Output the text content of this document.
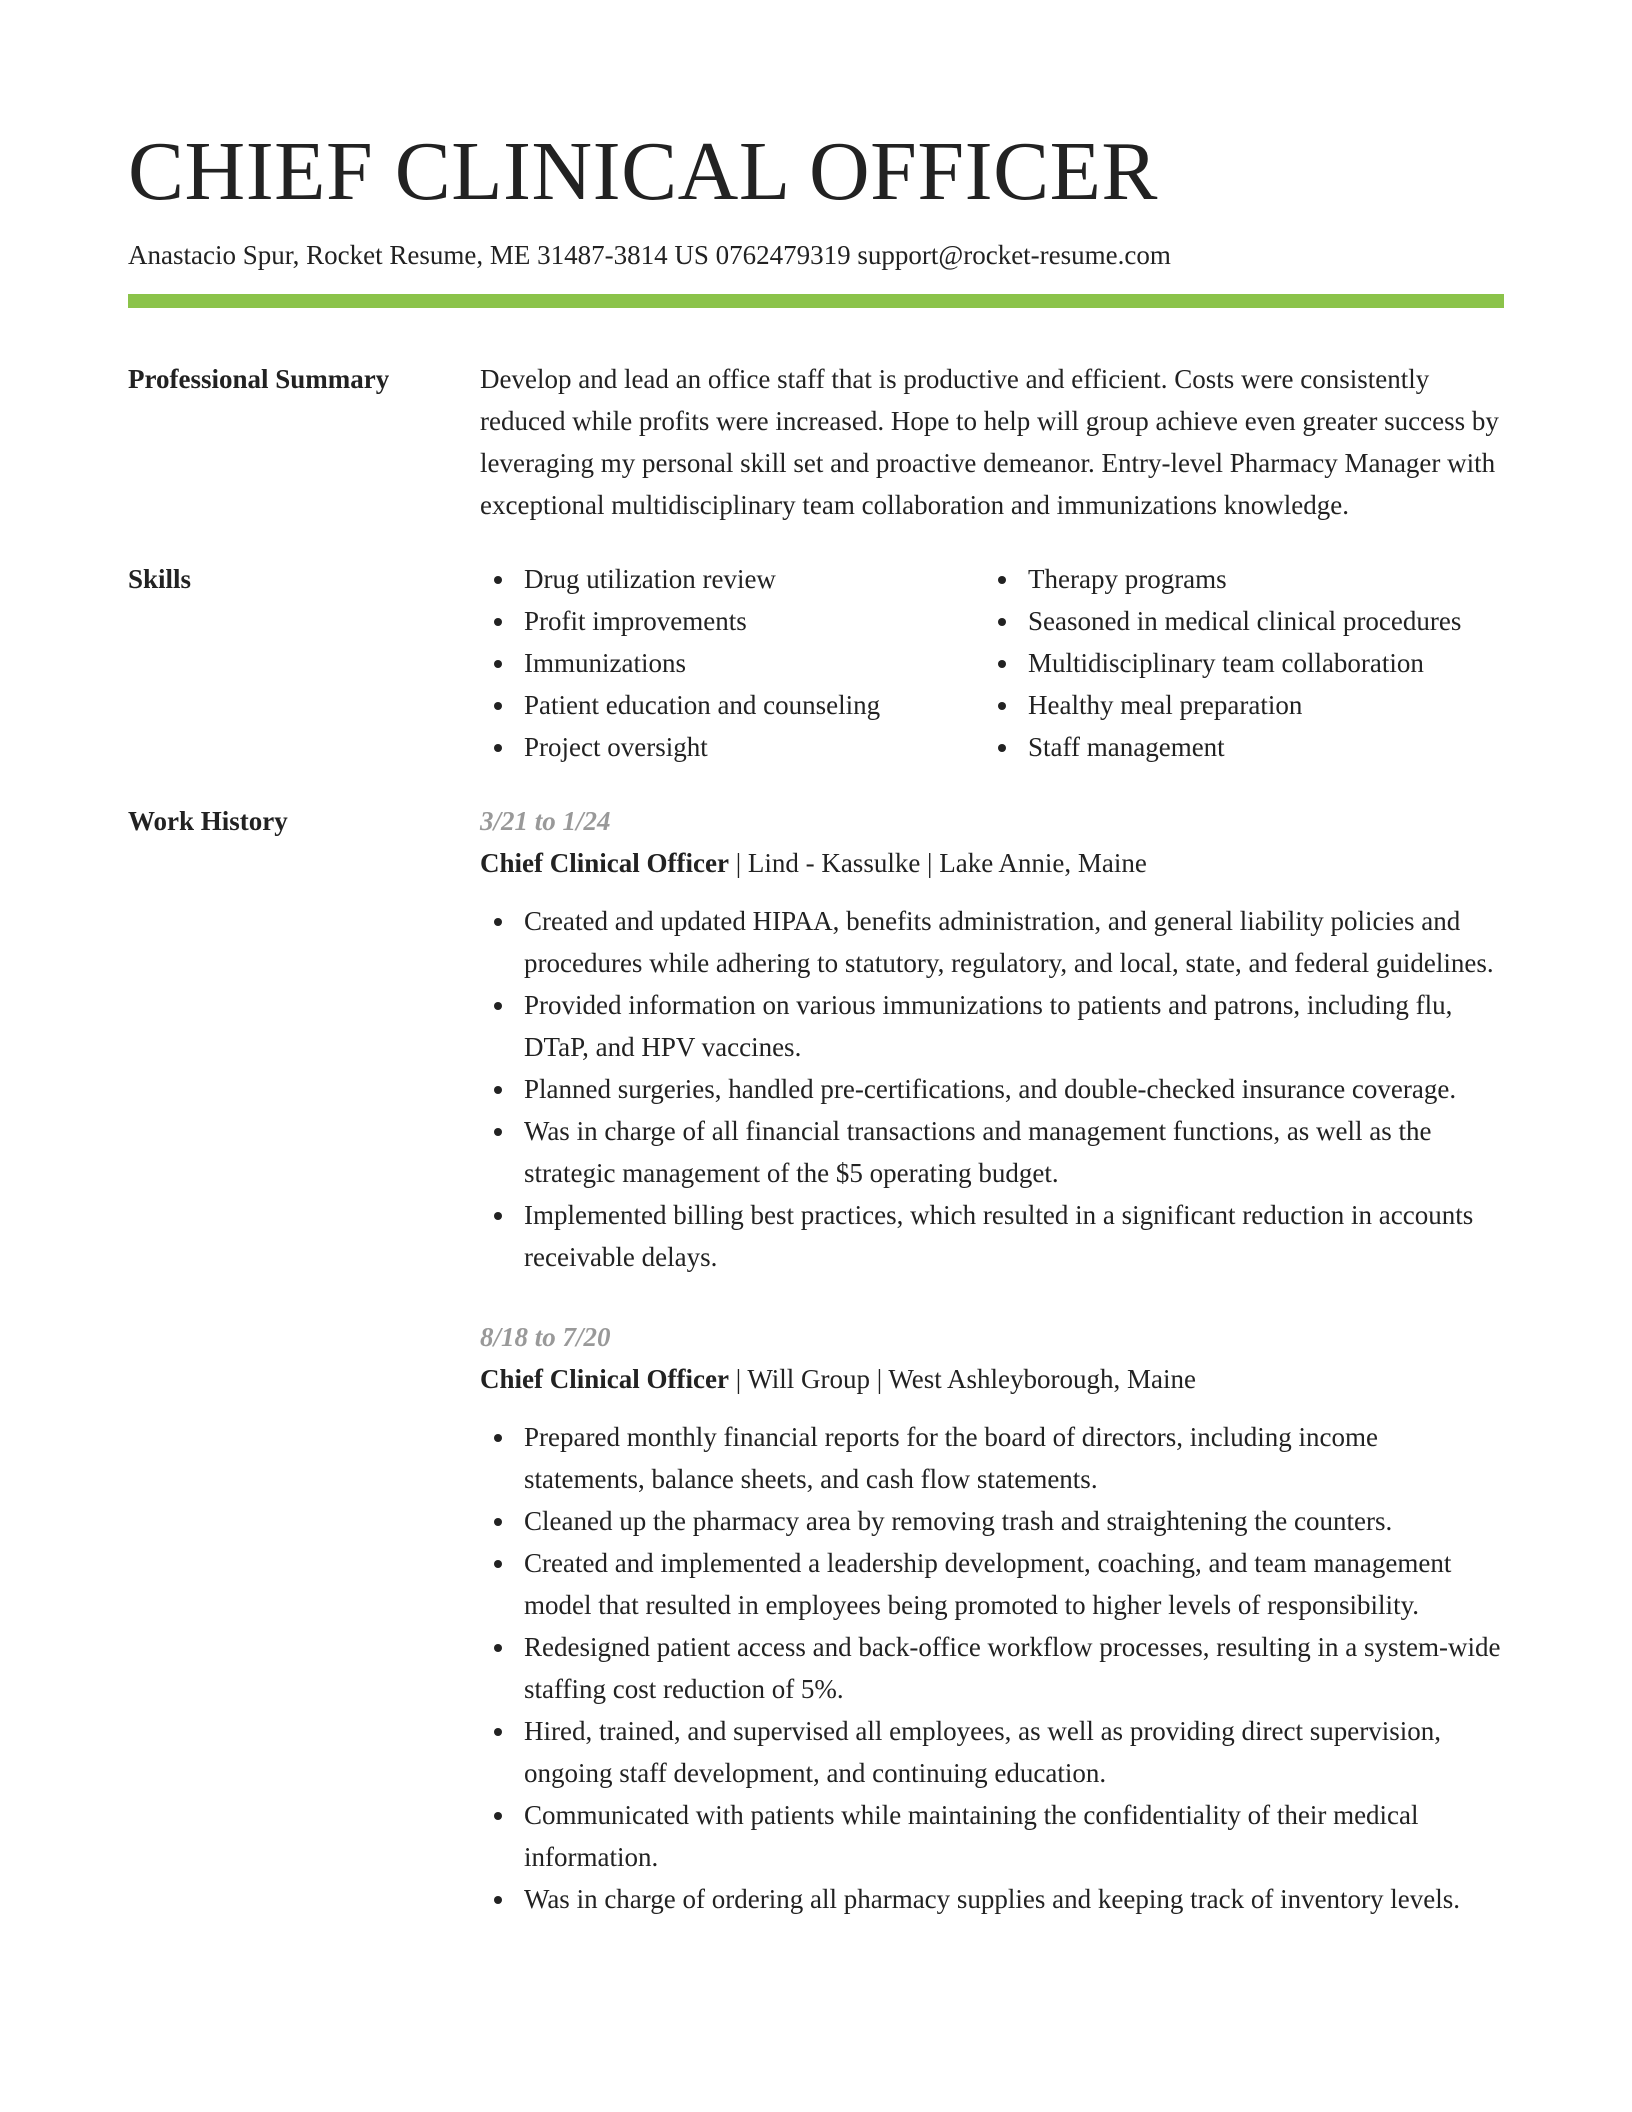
CHIEF CLINICAL OFFICER
Anastacio Spur, Rocket Resume, ME 31487-3814 US 0762479319 support@rocket-resume.com
Professional Summary	Develop and lead an office staff that is productive and efficient. Costs were consistently reduced while profits were increased. Hope to help will group achieve even greater success by leveraging my personal skill set and proactive demeanor. Entry-level Pharmacy Manager with exceptional multidisciplinary team collaboration and immunizations knowledge.

Skills	Drug utilization review
Profit improvements
Immunizations
Patient education and counseling
Project oversight
Therapy programs
Seasoned in medical clinical procedures
Multidisciplinary team collaboration
Healthy meal preparation
Staff management
Work History	3/21 to 1/24
Chief Clinical Officer | Lind - Kassulke | Lake Annie, Maine
Created and updated HIPAA, benefits administration, and general liability policies and procedures while adhering to statutory, regulatory, and local, state, and federal guidelines.
Provided information on various immunizations to patients and patrons, including flu, DTaP, and HPV vaccines.
Planned surgeries, handled pre-certifications, and double-checked insurance coverage.
Was in charge of all financial transactions and management functions, as well as the strategic management of the $5 operating budget.
Implemented billing best practices, which resulted in a significant reduction in accounts receivable delays.
8/18 to 7/20
Chief Clinical Officer | Will Group | West Ashleyborough, Maine
Prepared monthly financial reports for the board of directors, including income statements, balance sheets, and cash flow statements.
Cleaned up the pharmacy area by removing trash and straightening the counters.
Created and implemented a leadership development, coaching, and team management model that resulted in employees being promoted to higher levels of responsibility.
Redesigned patient access and back-office workflow processes, resulting in a system-wide staffing cost reduction of 5%.
Hired, trained, and supervised all employees, as well as providing direct supervision, ongoing staff development, and continuing education.
Communicated with patients while maintaining the confidentiality of their medical information.
Was in charge of ordering all pharmacy supplies and keeping track of inventory levels.
